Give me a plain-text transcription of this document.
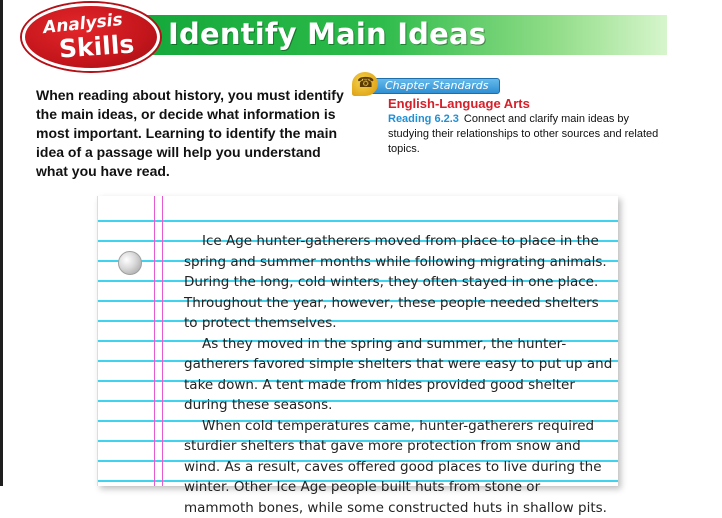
Identify Main Ideas
Analysis
Skills
When reading about history, you must identify the main ideas, or decide what information is most important. Learning to identify the main idea of a passage will help you understand what you have read.
Chapter Standards
☎
English-Language Arts
Reading 6.2.3 Connect and clarify main ideas by studying their relationships to other sources and related topics.

Ice Age hunter-gatherers moved from place to place in the spring and summer months while following migrating animals. During the long, cold winters, they often stayed in one place. Throughout the year, however, these people needed shelters to protect themselves.

As they moved in the spring and summer, the hunter-gatherers favored simple shelters that were easy to put up and take down. A tent made from hides provided good shelter during these seasons.

When cold temperatures came, hunter-gatherers required sturdier shelters that gave more protection from snow and wind. As a result, caves offered good places to live during the winter. Other Ice Age people built huts from stone or mammoth bones, while some constructed huts in shallow pits.
